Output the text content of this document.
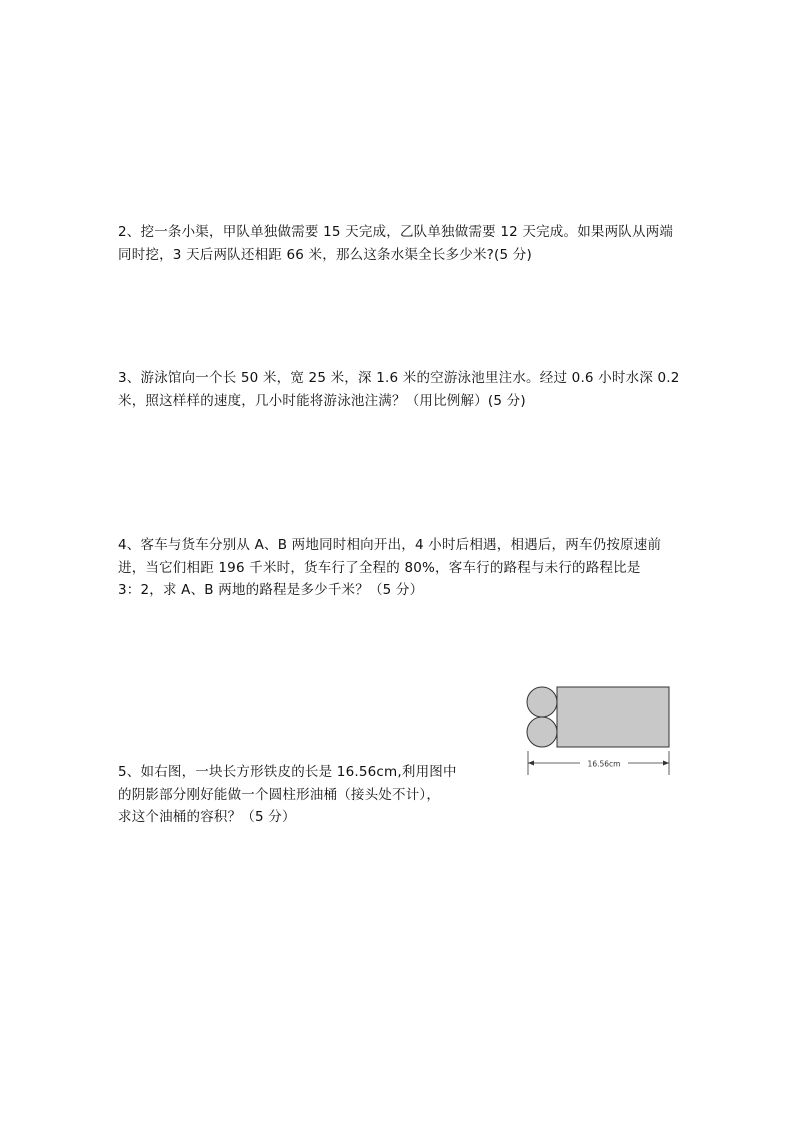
2、挖一条小渠，甲队单独做需要 15 天完成，乙队单独做需要 12 天完成。如果两队从两端
同时挖，3 天后两队还相距 66 米，那么这条水渠全长多少米?(5 分)
3、游泳馆向一个长 50 米，宽 25 米，深 1.6 米的空游泳池里注水。经过 0.6 小时水深 0.2
米，照这样样的速度，几小时能将游泳池注满？（用比例解）(5 分)
4、客车与货车分别从 A、B 两地同时相向开出，4 小时后相遇，相遇后，两车仍按原速前
进，当它们相距 196 千米时，货车行了全程的 80%，客车行的路程与未行的路程比是
3：2，求 A、B 两地的路程是多少千米？（5 分）
5、如右图，一块长方形铁皮的长是 16.56cm,利用图中
的阴影部分刚好能做一个圆柱形油桶（接头处不计），
求这个油桶的容积？（5 分）
16.56cm
